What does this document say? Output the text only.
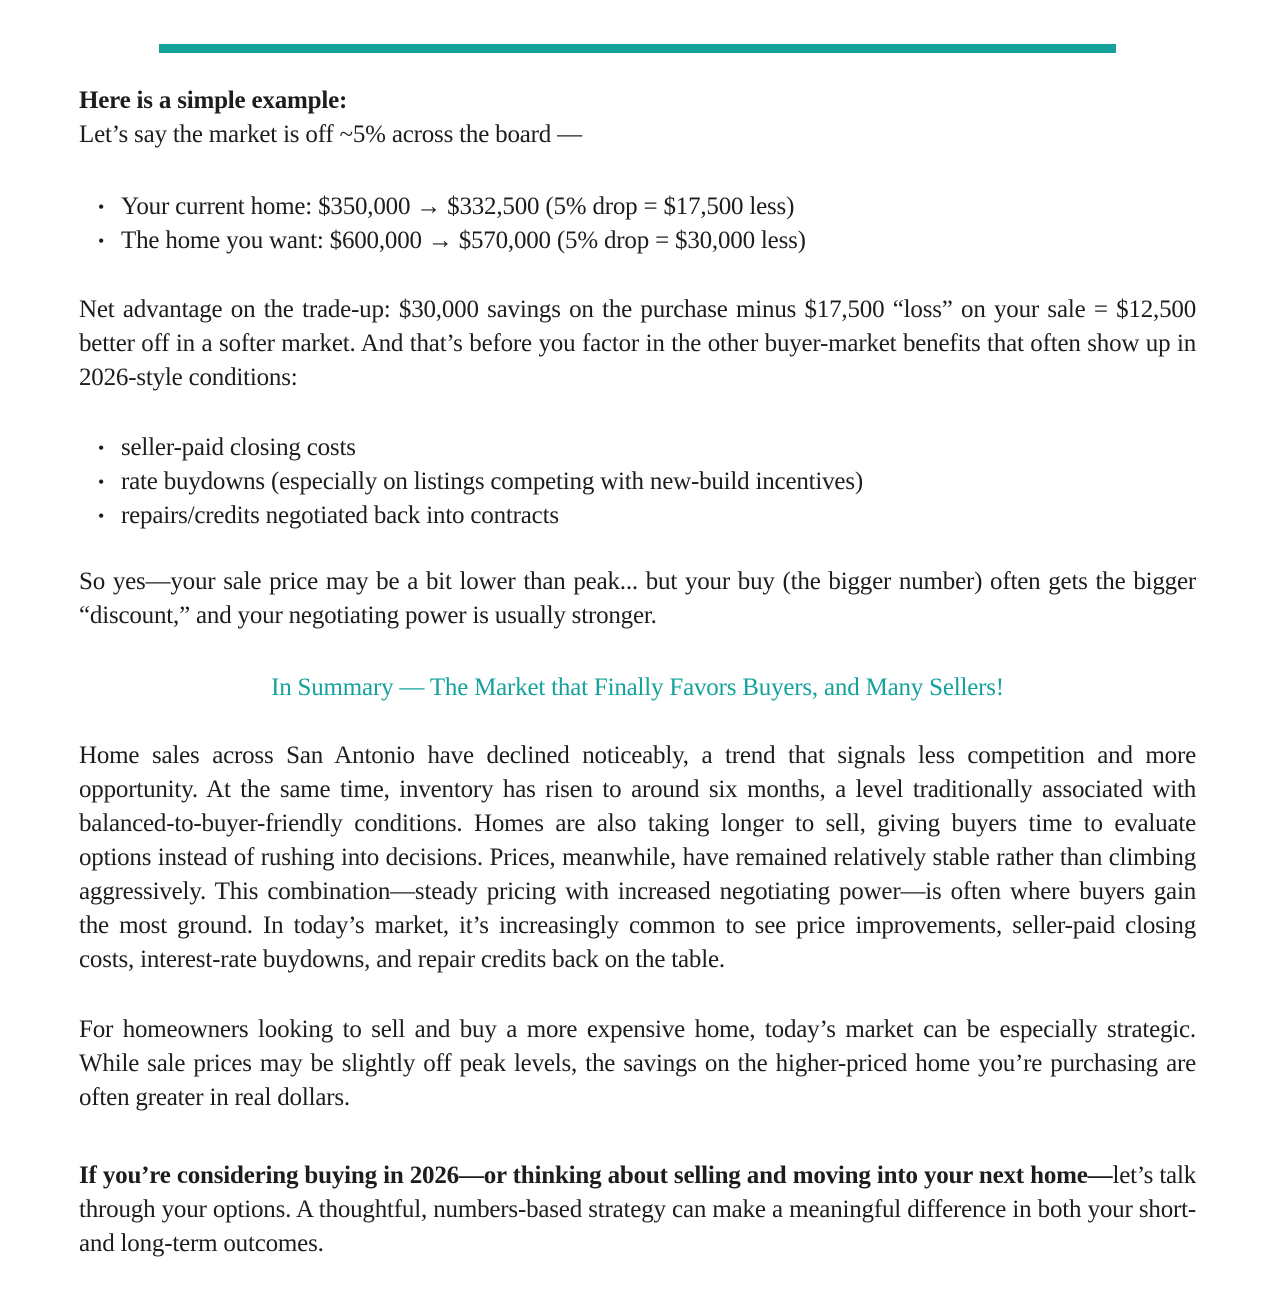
Here is a simple example:

Let’s say the market is off ~5% across the board —

• Your current home: $350,000 → $332,500 (5% drop = $17,500 less)
• The home you want: $600,000 → $570,000 (5% drop = $30,000 less)

Net advantage on the trade-up: $30,000 savings on the purchase minus $17,500 “loss” on your sale = $12,500 better off in a softer market. And that’s before you factor in the other buyer-market benefits that often show up in 2026-style conditions:

• seller-paid closing costs
• rate buydowns (especially on listings competing with new-build incentives)
• repairs/credits negotiated back into contracts

So yes—your sale price may be a bit lower than peak... but your buy (the bigger number) often gets the bigger “discount,” and your negotiating power is usually stronger.

In Summary — The Market that Finally Favors Buyers, and Many Sellers!

Home sales across San Antonio have declined noticeably, a trend that signals less competition and more opportunity. At the same time, inventory has risen to around six months, a level traditionally associated with balanced-to-buyer-friendly conditions. Homes are also taking longer to sell, giving buyers time to evaluate options instead of rushing into decisions. Prices, meanwhile, have remained relatively stable rather than climbing aggressively. This combination—steady pricing with increased negotiating power—is often where buyers gain the most ground. In today’s market, it’s increasingly common to see price improvements, seller-paid closing costs, interest-rate buydowns, and repair credits back on the table.

For homeowners looking to sell and buy a more expensive home, today’s market can be especially strategic. While sale prices may be slightly off peak levels, the savings on the higher-priced home you’re purchasing are often greater in real dollars.

If you’re considering buying in 2026—or thinking about selling and moving into your next home—let’s talk through your options. A thoughtful, numbers-based strategy can make a meaningful difference in both your short- and long-term outcomes.
